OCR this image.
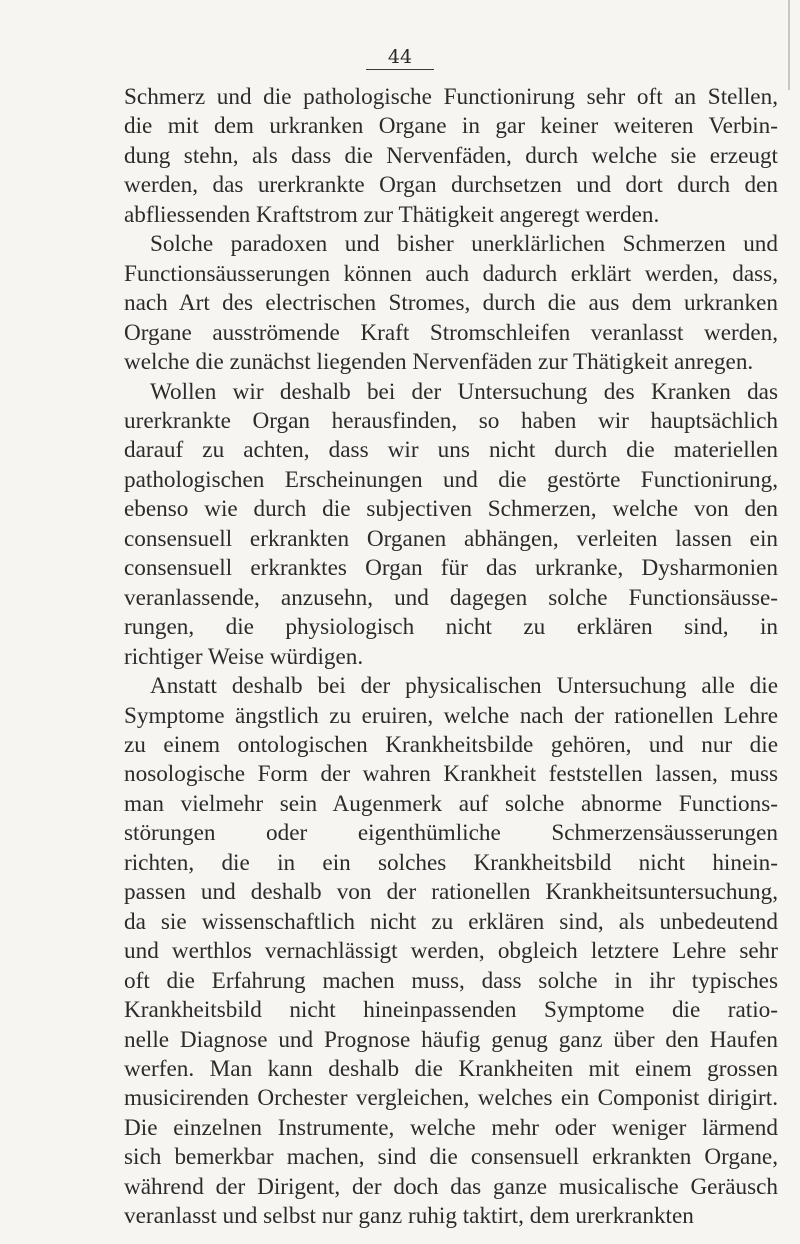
44
Schmerz und die pathologische Functionirung sehr oft an Stellen,
die mit dem urkranken Organe in gar keiner weiteren Verbin-
dung stehn, als dass die Nervenfäden, durch welche sie erzeugt
werden, das urerkrankte Organ durchsetzen und dort durch den
abfliessenden Kraftstrom zur Thätigkeit angeregt werden.
Solche paradoxen und bisher unerklärlichen Schmerzen und
Functionsäusserungen können auch dadurch erklärt werden, dass,
nach Art des electrischen Stromes, durch die aus dem urkranken
Organe ausströmende Kraft Stromschleifen veranlasst werden,
welche die zunächst liegenden Nervenfäden zur Thätigkeit anregen.
Wollen wir deshalb bei der Untersuchung des Kranken das
urerkrankte Organ herausfinden, so haben wir hauptsächlich
darauf zu achten, dass wir uns nicht durch die materiellen
pathologischen Erscheinungen und die gestörte Functionirung,
ebenso wie durch die subjectiven Schmerzen, welche von den
consensuell erkrankten Organen abhängen, verleiten lassen ein
consensuell erkranktes Organ für das urkranke, Dysharmonien
veranlassende, anzusehn, und dagegen solche Functionsäusse-
rungen, die physiologisch nicht zu erklären sind, in
richtiger Weise würdigen.
Anstatt deshalb bei der physicalischen Untersuchung alle die
Symptome ängstlich zu eruiren, welche nach der rationellen Lehre
zu einem ontologischen Krankheitsbilde gehören, und nur die
nosologische Form der wahren Krankheit feststellen lassen, muss
man vielmehr sein Augenmerk auf solche abnorme Functions-
störungen oder eigenthümliche Schmerzensäusserungen
richten, die in ein solches Krankheitsbild nicht hinein-
passen und deshalb von der rationellen Krankheitsuntersuchung,
da sie wissenschaftlich nicht zu erklären sind, als unbedeutend
und werthlos vernachlässigt werden, obgleich letztere Lehre sehr
oft die Erfahrung machen muss, dass solche in ihr typisches
Krankheitsbild nicht hineinpassenden Symptome die ratio-
nelle Diagnose und Prognose häufig genug ganz über den Haufen
werfen. Man kann deshalb die Krankheiten mit einem grossen
musicirenden Orchester vergleichen, welches ein Componist dirigirt.
Die einzelnen Instrumente, welche mehr oder weniger lärmend
sich bemerkbar machen, sind die consensuell erkrankten Organe,
während der Dirigent, der doch das ganze musicalische Geräusch
veranlasst und selbst nur ganz ruhig taktirt, dem urerkrankten
